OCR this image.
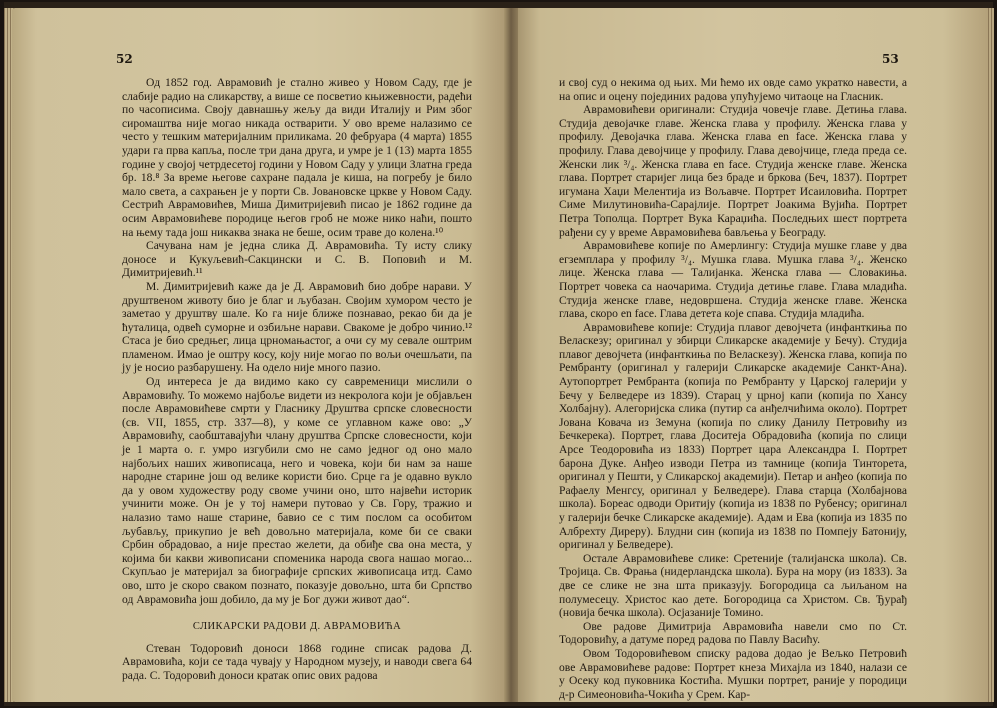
52	53

Од 1852 год. Аврамовић је стално живео у Новом Саду, где је слабије радио на сликарству, а више се посветио књижевности, радећи по часописима. Своју давнашњу жељу да види Италију и Рим због сиромаштва није могао никада остварити. У ово време налазимо се често у тешким материјалним приликама. 20 фебруара (4 марта) 1855 удари га прва капља, после три дана друга, и умре је 1 (13) марта 1855 године у својој четрдесетој години у Новом Саду у улици Златна греда бр. 18.⁸ За време његове сахране падала је киша, на погребу је било мало света, а сахрањен је у порти Св. Јовановске цркве у Новом Саду. Сестрић Аврамовићев, Миша Димитријевић писао је 1862 године да осим Аврамовићеве породице његов гроб не може нико наћи, пошто на њему тада још никаква знака не беше, осим траве до колена.¹⁰

Сачувана нам је једна слика Д. Аврамовића. Ту исту слику доносе и Кукуљевић-Сакцински и С. В. Поповић и М. Димитријевић.¹¹

М. Димитријевић каже да је Д. Аврамовић био добре нарави. У друштвеном животу био је благ и љубазан. Својим хумором често је заметао у друштву шале. Ко га није ближе познавао, рекао би да је ћуталица, одвећ суморне и озбиљне нарави. Свакоме је добро чинио.¹² Стаса је био средњег, лица црномањастог, а очи су му севале оштрим пламеном. Имао је оштру косу, коју није могао по вољи очешљати, па ју је носио разбарушену. На одело није много пазио.

Од интереса је да видимо како су савременици мислили о Аврамовићу. То можемо најбоље видети из некролога који је објављен после Аврамовићеве смрти у Гласнику Друштва српске словесности (св. VII, 1855, стр. 337—8), у коме се углавном каже ово: „У Аврамовићу, саобштавајући члану друштва Српске словесности, који је 1 марта о. г. умро изгубили смо не само једног од оно мало најбољих наших живописаца, него и човека, који би нам за наше народне старине још од велике користи био. Срце га је одавно вукло да у овом художеству роду своме учини оно, што највећи историк учинити може. Он је у тој намери путовао у Св. Гору, тражио и налазио тамо наше старине, бавио се с тим послом са особитом љубављу, прикупио је већ довољно материјала, коме би се сваки Србин обрадовао, а није престао желети, да обиђе сва она места, у којима би какви живописани споменика народа свога нашао могао... Скупљао је материјал за биографије српских живописаца итд. Само ово, што је скоро сваком познато, показује довољно, шта би Српство од Аврамовића још добило, да му је Бог дужи живот дао“.

СЛИКАРСКИ РАДОВИ Д. АВРАМОВИЋА

Стеван Тодоровић доноси 1868 године списак радова Д. Аврамовића, који се тада чувају у Народном музеју, и наводи свега 64 рада. С. Тодоровић доноси кратак опис ових радова

и свој суд о некима од њих. Ми ћемо их овде само укратко навести, а на опис и оцену појединих радова упућујемо читаоце на Гласник.

Аврамовићеви оригинали: Студија човечје главе. Детиња глава. Студија девојачке главе. Женска глава у профилу. Женска глава у профилу. Девојачка глава. Женска глава en face. Женска глава у профилу. Глава девојчице у профилу. Глава девојчице, гледа преда се. Женски лик ³/₄. Женска глава en face. Студија женске главе. Женска глава. Портрет старијег лица без браде и бркова (Беч, 1837). Портрет игумана Хаџи Мелентија из Вољавче. Портрет Исаиловића. Портрет Симе Милутиновића-Сарајлије. Портрет Јоакима Вујића. Портрет Петра Тополца. Портрет Вука Караџића. Последњих шест портрета рађени су у време Аврамовићева бављења у Београду.

Аврамовићеве копије по Амерлингу: Студија мушке главе у два егземплара у профилу ³/₄. Мушка глава. Мушка глава ³/₄. Женско лице. Женска глава — Талијанка. Женска глава — Словакиња. Портрет човека са наочарима. Студија детиње главе. Глава младића. Студија женске главе, недовршена. Студија женске главе. Женска глава, скоро en face. Глава детета које спава. Студија младића.

Аврамовићеве копије: Студија плавог девојчета (инфанткиња по Веласкезу; оригинал у збирци Сликарске академије у Бечу). Студија плавог девојчета (инфанткиња по Веласкезу). Женска глава, копија по Рембранту (оригинал у галерији Сликарске академије Санкт-Ана). Аутопортрет Рембранта (копија по Рембранту у Царској галерији у Бечу у Белведере из 1839). Старац у црној капи (копија по Хансу Холбајну). Алегоријска слика (путир са анђелчићима около). Портрет Јована Ковача из Земуна (копија по слику Данилу Петровићу из Бечкерека). Портрет, глава Доситеја Обрадовића (копија по слици Арсе Теодоровића из 1833) Портрет цара Александра I. Портрет барона Дуке. Анђео изводи Петра из тамнице (копија Тинторета, оригинал у Пешти, у Сликарској академији). Петар и анђео (копија по Рафаелу Менгсу, оригинал у Белведере). Глава старца (Холбајнова школа). Бореас одводи Оритију (копија из 1838 по Рубенсу; оригинал у галерији бечке Сликарске академије). Адам и Ева (копија из 1835 по Албрехту Диреру). Блудни син (копија из 1838 по Помпеју Батонију, оригинал у Белведере).

Остале Аврамовићеве слике: Сретеније (талијанска школа). Св. Тројица. Св. Фрања (нидерландска школа). Бура на мору (из 1833). За две се слике не зна шта приказују. Богородица са љиљаном на полумесецу. Христос као дете. Богородица са Христом. Св. Ђурађ (новија бечка школа). Осјазаније Томино.

Ове радове Димитрија Аврамовића навели смо по Ст. Тодоровићу, а датуме поред радова по Павлу Васићу.

Овом Тодоровићевом списку радова додао је Вељко Петровић ове Аврамовићеве радове: Портрет кнеза Михајла из 1840, налази се у Осеку код пуковника Костића. Мушки портрет, раније у породици д-р Симеоновића-Чокића у Срем. Кар-
